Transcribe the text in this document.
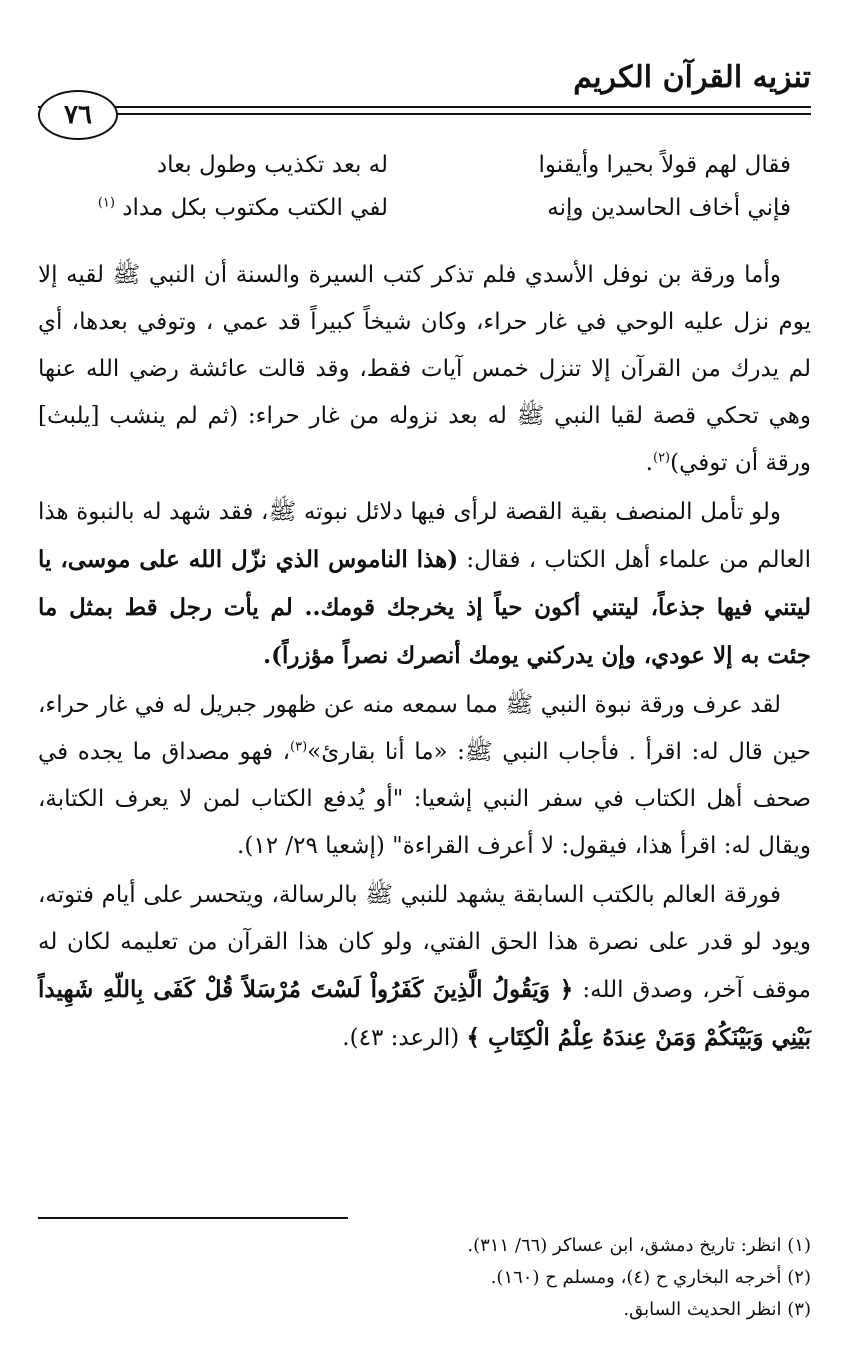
تنزيه القرآن الكريم
٧٦
فقال لهم قولاً بحيرا وأيقنوا
له بعد تكذيب وطول بعاد
فإني أخاف الحاسدين وإنه
لفي الكتب مكتوب بكل مداد $^{(١)}$

وأما ورقة بن نوفل الأسدي فلم تذكر كتب السيرة والسنة أن النبي ﷺ لقيه إلا يوم نزل عليه الوحي في غار حراء، وكان شيخاً كبيراً قد عمي ، وتوفي بعدها، أي لم يدرك من القرآن إلا تنزل خمس آيات فقط، وقد قالت عائشة رضي الله عنها وهي تحكي قصة لقيا النبي ﷺ له بعد نزوله من غار حراء: (ثم لم ينشب [يلبث] ورقة أن توفي)$^{(٢)}$.

ولو تأمل المنصف بقية القصة لرأى فيها دلائل نبوته ﷺ، فقد شهد له بالنبوة هذا العالم من علماء أهل الكتاب ، فقال: (هذا الناموس الذي نزّل الله على موسى، يا ليتني فيها جذعاً، ليتني أكون حياً إذ يخرجك قومك.. لم يأت رجل قط بمثل ما جئت به إلا عودي، وإن يدركني يومك أنصرك نصراً مؤزراً).

لقد عرف ورقة نبوة النبي ﷺ مما سمعه منه عن ظهور جبريل له في غار حراء، حين قال له: اقرأ . فأجاب النبي ﷺ: «ما أنا بقارئ»$^{(٣)}$، فهو مصداق ما يجده في صحف أهل الكتاب في سفر النبي إشعيا: "أو يُدفع الكتاب لمن لا يعرف الكتابة، ويقال له: اقرأ هذا، فيقول: لا أعرف القراءة" (إشعيا ٢٩/ ١٢).

فورقة العالم بالكتب السابقة يشهد للنبي ﷺ بالرسالة، ويتحسر على أيام فتوته، ويود لو قدر على نصرة هذا الحق الفتي، ولو كان هذا القرآن من تعليمه لكان له موقف آخر، وصدق الله: ﴿ وَيَقُولُ الَّذِينَ كَفَرُواْ لَسْتَ مُرْسَلاً قُلْ كَفَى بِاللّهِ شَهِيداً بَيْنِي وَبَيْنَكُمْ وَمَنْ عِندَهُ عِلْمُ الْكِتَابِ ﴾ (الرعد: ٤٣).

(١) انظر: تاريخ دمشق، ابن عساكر (٦٦/ ٣١١).

(٢) أخرجه البخاري ح (٤)، ومسلم ح (١٦٠).

(٣) انظر الحديث السابق.
